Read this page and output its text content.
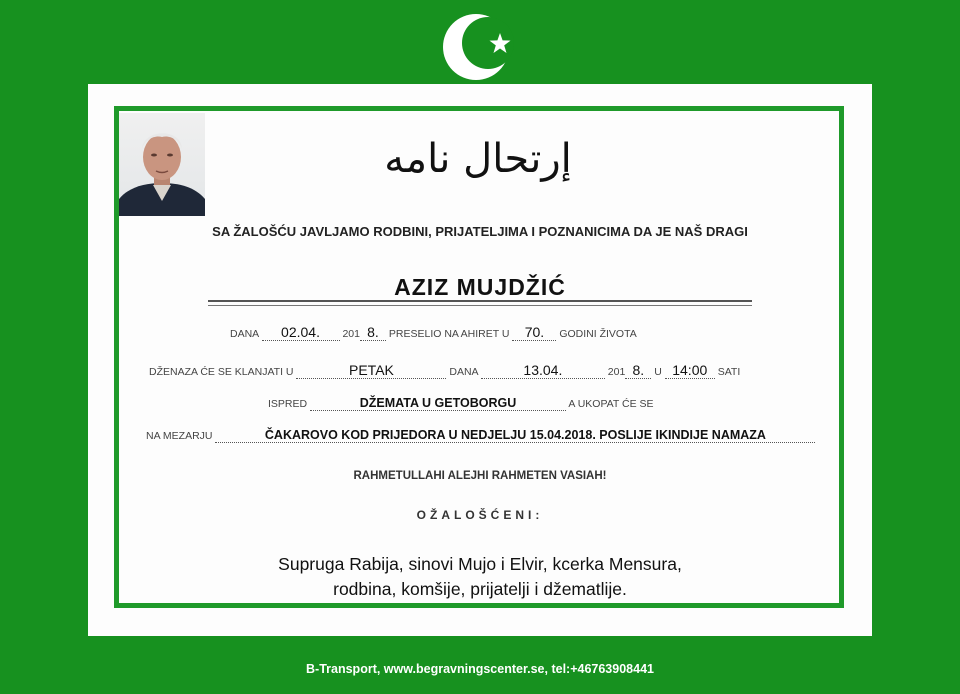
إرتحال نامه
SA ŽALOŠĆU JAVLJAMO RODBINI, PRIJATELJIMA I POZNANICIMA DA JE NAŠ DRAGI
AZIZ MUJDŽIĆ
DANA 02.04. 201 8. PRESELIO NA AHIRET U 70. GODINI ŽIVOTA
DŽENAZA ĆE SE KLANJATI U	PETAK	DANA	13.04.	201 8. U 14:00 SATI
ISPRED	DŽEMATA U GETOBORGU	A UKOPAT ĆE SE
NA MEZARJU	ČAKAROVO KOD PRIJEDORA U NEDJELJU 15.04.2018. POSLIJE IKINDIJE NAMAZA
RAHMETULLAHI ALEJHI RAHMETEN VASIAH!
OŽALOŠĆENI:
Supruga Rabija, sinovi Mujo i Elvir, kcerka Mensura,
rodbina, komšije, prijatelji i džematlije.
B-Transport, www.begravningscenter.se, tel:+46763908441
